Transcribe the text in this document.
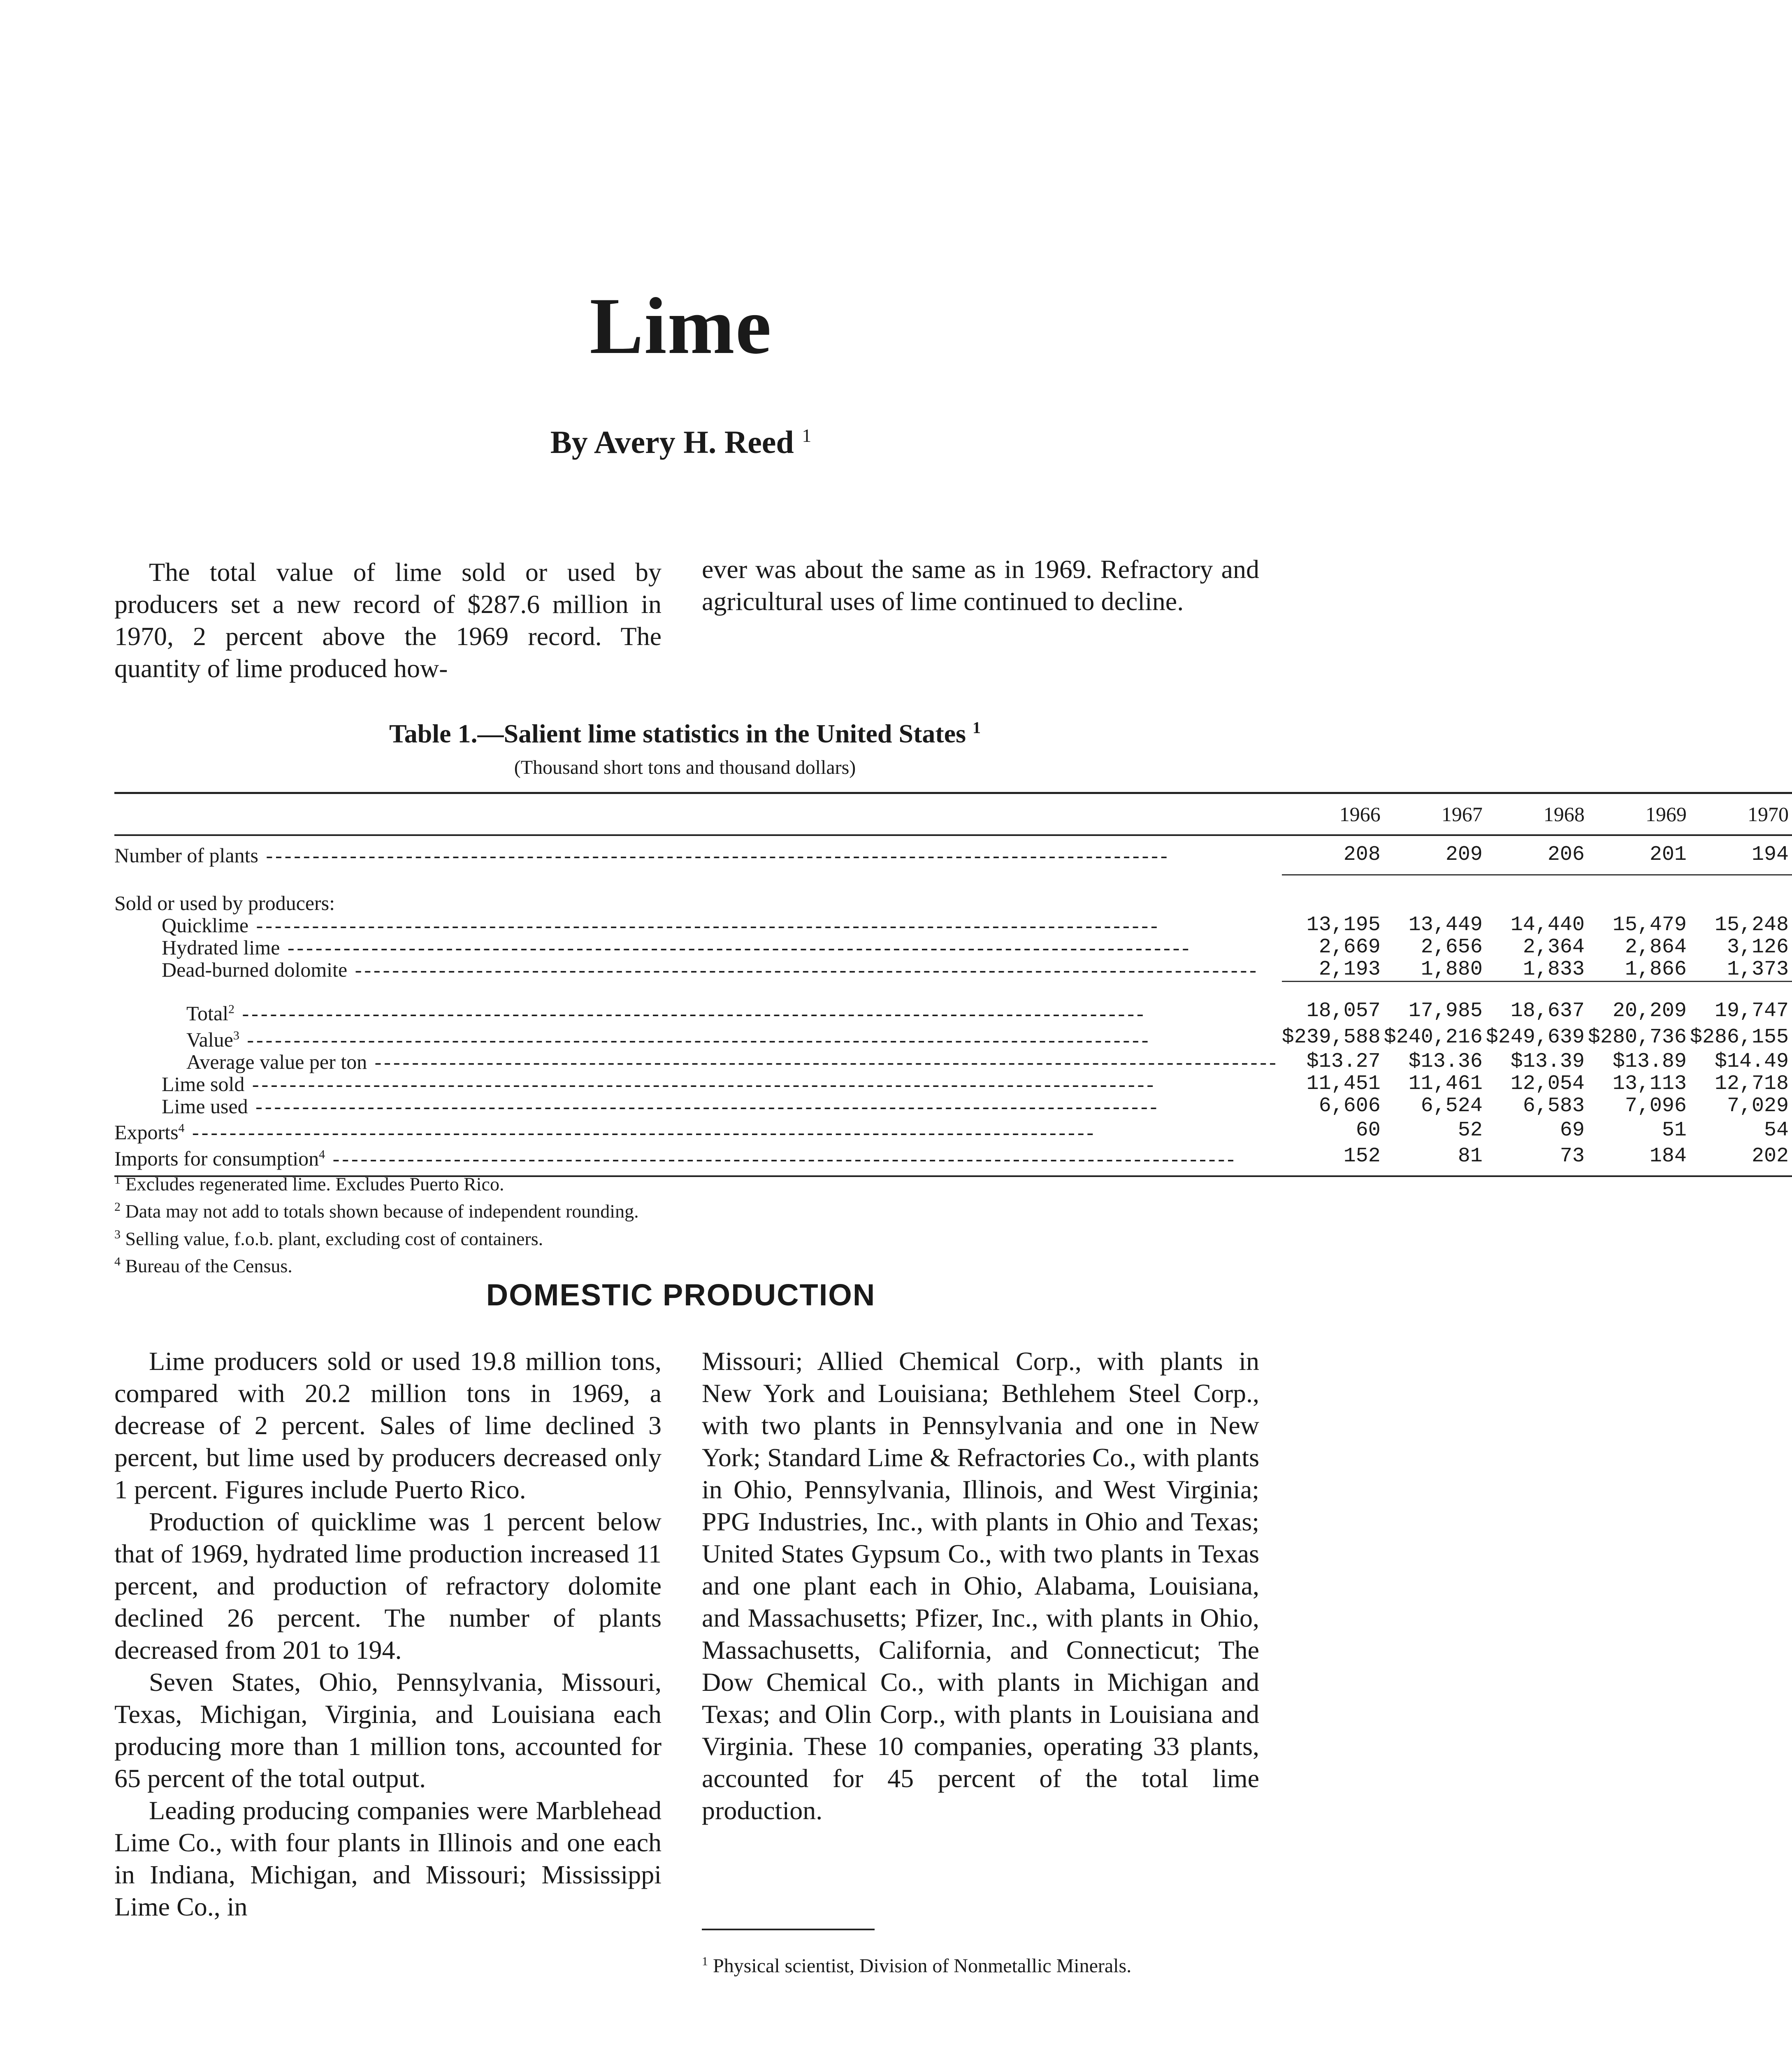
Lime
By Avery H. Reed $^1$

The total value of lime sold or used by producers set a new record of $287.6 million in 1970, 2 percent above the 1969 record. The quantity of lime produced how-

ever was about the same as in 1969. Refractory and agricultural uses of lime continued to decline.

Table 1.—Salient lime statistics in the United States $^1$
(Thousand short tons and thousand dollars)
	1966	1967	1968	1969	1970
Number of plants -----	208	209	206	201	194

Sold or used by producers:					
Quicklime -----	13,195	13,449	14,440	15,479	15,248
Hydrated lime -----	2,669	2,656	2,364	2,864	3,126
Dead-burned dolomite -----	2,193	1,880	1,833	1,866	1,373

Total$^2$ -----	18,057	17,985	18,637	20,209	19,747
Value$^3$ -----	$239,588	$240,216	$249,639	$280,736	$286,155
Average value per ton -----	$13.27	$13.36	$13.39	$13.89	$14.49
Lime sold -----	11,451	11,461	12,054	13,113	12,718
Lime used -----	6,606	6,524	6,583	7,096	7,029
Exports$^4$ -----	60	52	69	51	54
Imports for consumption$^4$ -----	152	81	73	184	202
$^1$ Excludes regenerated lime. Excludes Puerto Rico.
$^2$ Data may not add to totals shown because of independent rounding.
$^3$ Selling value, f.o.b. plant, excluding cost of containers.
$^4$ Bureau of the Census.
DOMESTIC PRODUCTION

Lime producers sold or used 19.8 million tons, compared with 20.2 million tons in 1969, a decrease of 2 percent. Sales of lime declined 3 percent, but lime used by producers decreased only 1 percent. Figures include Puerto Rico.

Production of quicklime was 1 percent below that of 1969, hydrated lime production increased 11 percent, and production of refractory dolomite declined 26 percent. The number of plants decreased from 201 to 194.

Seven States, Ohio, Pennsylvania, Missouri, Texas, Michigan, Virginia, and Louisiana each producing more than 1 million tons, accounted for 65 percent of the total output.

Leading producing companies were Marblehead Lime Co., with four plants in Illinois and one each in Indiana, Michigan, and Missouri; Mississippi Lime Co., in

Missouri; Allied Chemical Corp., with plants in New York and Louisiana; Bethlehem Steel Corp., with two plants in Pennsylvania and one in New York; Standard Lime & Refractories Co., with plants in Ohio, Pennsylvania, Illinois, and West Virginia; PPG Industries, Inc., with plants in Ohio and Texas; United States Gypsum Co., with two plants in Texas and one plant each in Ohio, Alabama, Louisiana, and Massachusetts; Pfizer, Inc., with plants in Ohio, Massachusetts, California, and Connecticut; The Dow Chemical Co., with plants in Michigan and Texas; and Olin Corp., with plants in Louisiana and Virginia. These 10 companies, operating 33 plants, accounted for 45 percent of the total lime production.

$^1$ Physical scientist, Division of Nonmetallic Minerals.
